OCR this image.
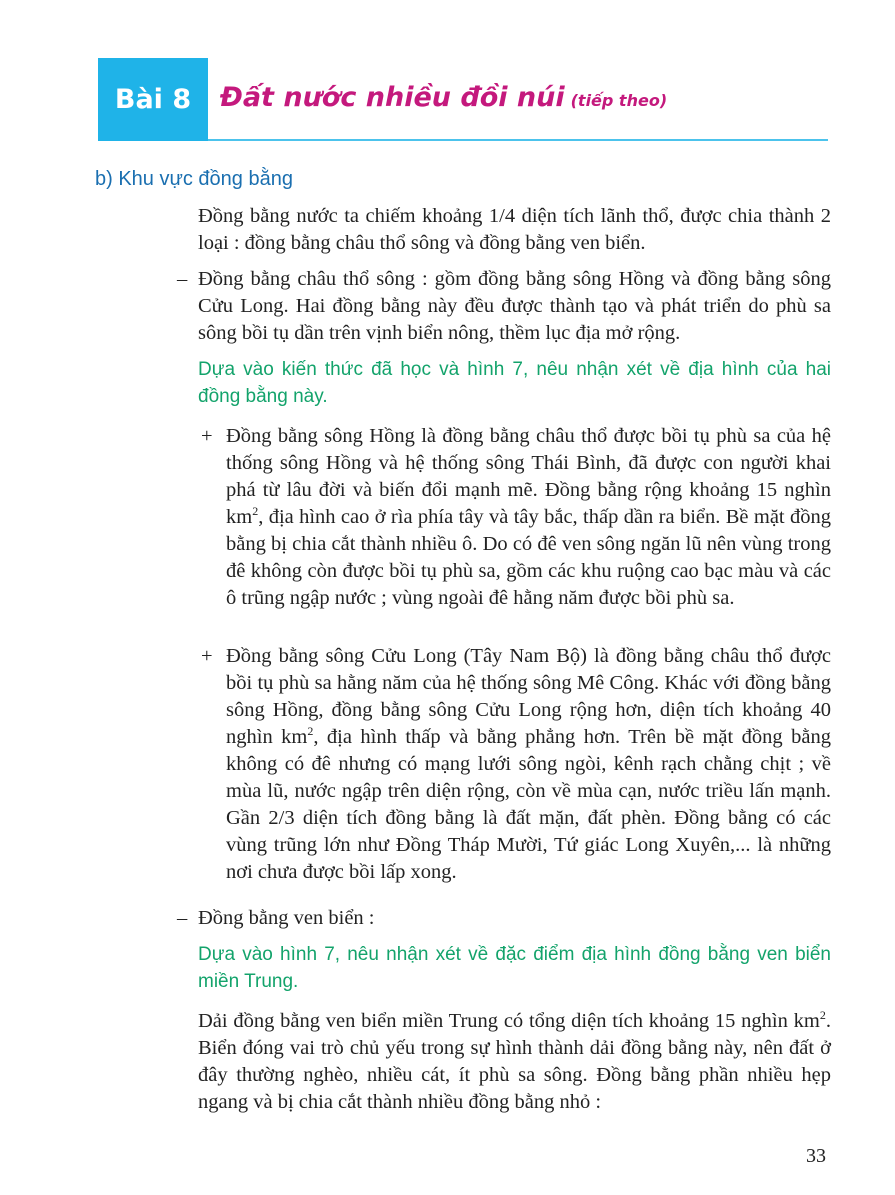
Bài 8	Đất nước nhiều đồi núi (tiếp theo)
b) Khu vực đồng bằng

Đồng bằng nước ta chiếm khoảng 1/4 diện tích lãnh thổ, được chia thành 2 loại : đồng bằng châu thổ sông và đồng bằng ven biển.

– Đồng bằng châu thổ sông : gồm đồng bằng sông Hồng và đồng bằng sông Cửu Long. Hai đồng bằng này đều được thành tạo và phát triển do phù sa sông bồi tụ dần trên vịnh biển nông, thềm lục địa mở rộng.

Dựa vào kiến thức đã học và hình 7, nêu nhận xét về địa hình của hai đồng bằng này.

+ Đồng bằng sông Hồng là đồng bằng châu thổ được bồi tụ phù sa của hệ thống sông Hồng và hệ thống sông Thái Bình, đã được con người khai phá từ lâu đời và biến đổi mạnh mẽ. Đồng bằng rộng khoảng 15 nghìn $km^2$, địa hình cao ở rìa phía tây và tây bắc, thấp dần ra biển. Bề mặt đồng bằng bị chia cắt thành nhiều ô. Do có đê ven sông ngăn lũ nên vùng trong đê không còn được bồi tụ phù sa, gồm các khu ruộng cao bạc màu và các ô trũng ngập nước ; vùng ngoài đê hằng năm được bồi phù sa.

+ Đồng bằng sông Cửu Long (Tây Nam Bộ) là đồng bằng châu thổ được bồi tụ phù sa hằng năm của hệ thống sông Mê Công. Khác với đồng bằng sông Hồng, đồng bằng sông Cửu Long rộng hơn, diện tích khoảng 40 nghìn $km^2$, địa hình thấp và bằng phẳng hơn. Trên bề mặt đồng bằng không có đê nhưng có mạng lưới sông ngòi, kênh rạch chằng chịt ; về mùa lũ, nước ngập trên diện rộng, còn về mùa cạn, nước triều lấn mạnh. Gần 2/3 diện tích đồng bằng là đất mặn, đất phèn. Đồng bằng có các vùng trũng lớn như Đồng Tháp Mười, Tứ giác Long Xuyên,... là những nơi chưa được bồi lấp xong.

– Đồng bằng ven biển :

Dựa vào hình 7, nêu nhận xét về đặc điểm địa hình đồng bằng ven biển miền Trung.

Dải đồng bằng ven biển miền Trung có tổng diện tích khoảng 15 nghìn $km^2$. Biển đóng vai trò chủ yếu trong sự hình thành dải đồng bằng này, nên đất ở đây thường nghèo, nhiều cát, ít phù sa sông. Đồng bằng phần nhiều hẹp ngang và bị chia cắt thành nhiều đồng bằng nhỏ :

33
